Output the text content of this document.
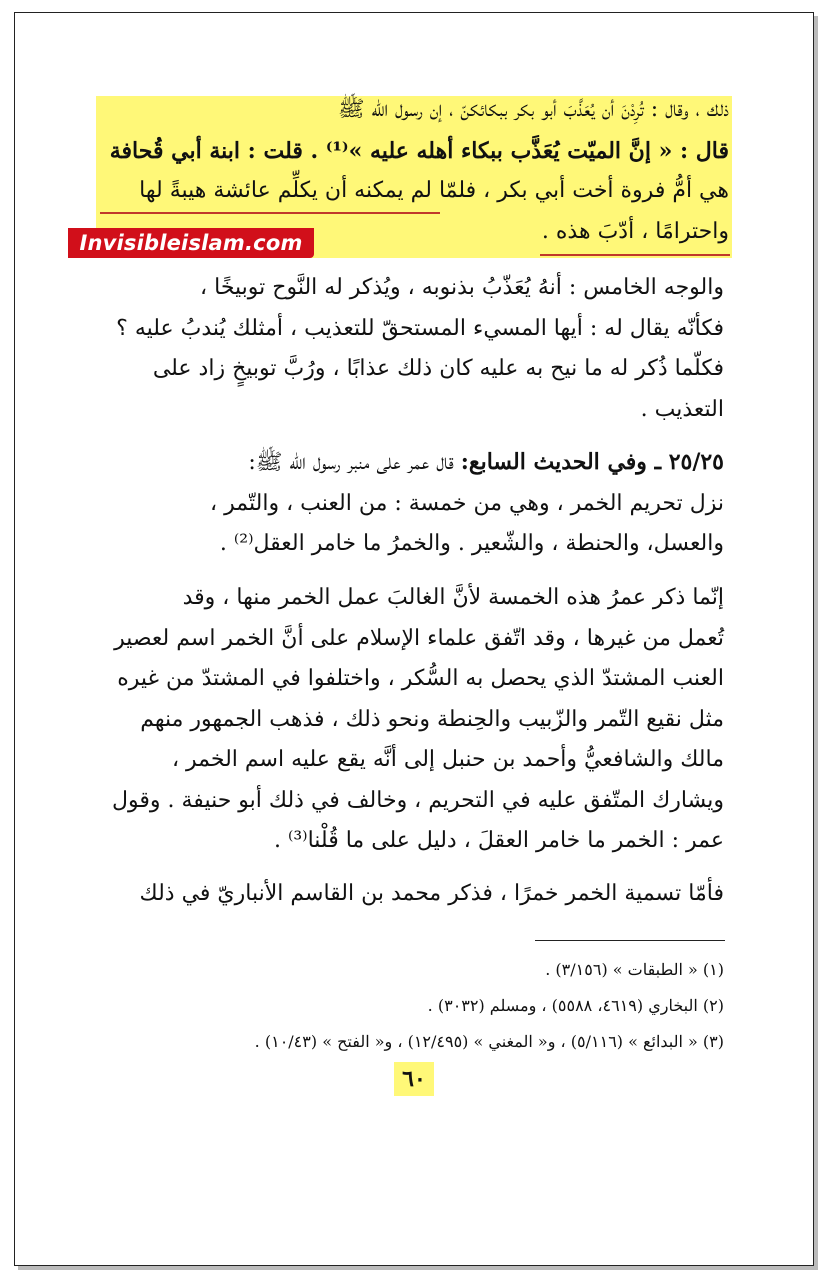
ذلك ، وقال : تُرِدْنَ أن يُعَذَّبَ أبو بكر ببكائكنّ ، إن رسول الله ﷺ
قال : « إنَّ الميّت يُعَذَّب ببكاء أهله عليه »⁽¹⁾ . قلت : ابنة أبي قُحافة
هي أمُّ فروة أخت أبي بكر ، فلمّا لم يمكنه أن يكلِّم عائشة هيبةً لها
واحترامًا ، أدّبَ هذه .
Invisibleislam.com
والوجه الخامس : أنهُ يُعَذّبُ بذنوبه ، ويُذكر له النَّوح توبيخًا ،
فكأنّه يقال له : أيها المسيء المستحقّ للتعذيب ، أمثلك يُندبُ عليه ؟
فكلّما ذُكر له ما نيح به عليه كان ذلك عذابًا ، ورُبَّ توبيخٍ زاد على
التعذيب .
٢٥/٢٥ ـ وفي الحديث السابع: قال عمر على منبر رسول الله ﷺ:
نزل تحريم الخمر ، وهي من خمسة : من العنب ، والتّمر ،
والعسل، والحنطة ، والشّعير . والخمرُ ما خامر العقل⁽²⁾ .
إنّما ذكر عمرُ هذه الخمسة لأنَّ الغالبَ عمل الخمر منها ، وقد
تُعمل من غيرها ، وقد اتّفق علماء الإسلام على أنَّ الخمر اسم لعصير
العنب المشتدّ الذي يحصل به السُّكر ، واختلفوا في المشتدّ من غيره
مثل نقيع التّمر والزّبيب والحِنطة ونحو ذلك ، فذهب الجمهور منهم
مالك والشافعيُّ وأحمد بن حنبل إلى أنَّه يقع عليه اسم الخمر ،
ويشارك المتّفق عليه في التحريم ، وخالف في ذلك أبو حنيفة . وقول
عمر : الخمر ما خامر العقلَ ، دليل على ما قُلْنا⁽³⁾ .
فأمّا تسمية الخمر خمرًا ، فذكر محمد بن القاسم الأنباريّ في ذلك
(١) « الطبقات » (٣/١٥٦) .
(٢) البخاري (٤٦١٩، ٥٥٨٨) ، ومسلم (٣٠٣٢) .
(٣) « البدائع » (٥/١١٦) ، و« المغني » (١٢/٤٩٥) ، و« الفتح » (١٠/٤٣) .
٦٠
